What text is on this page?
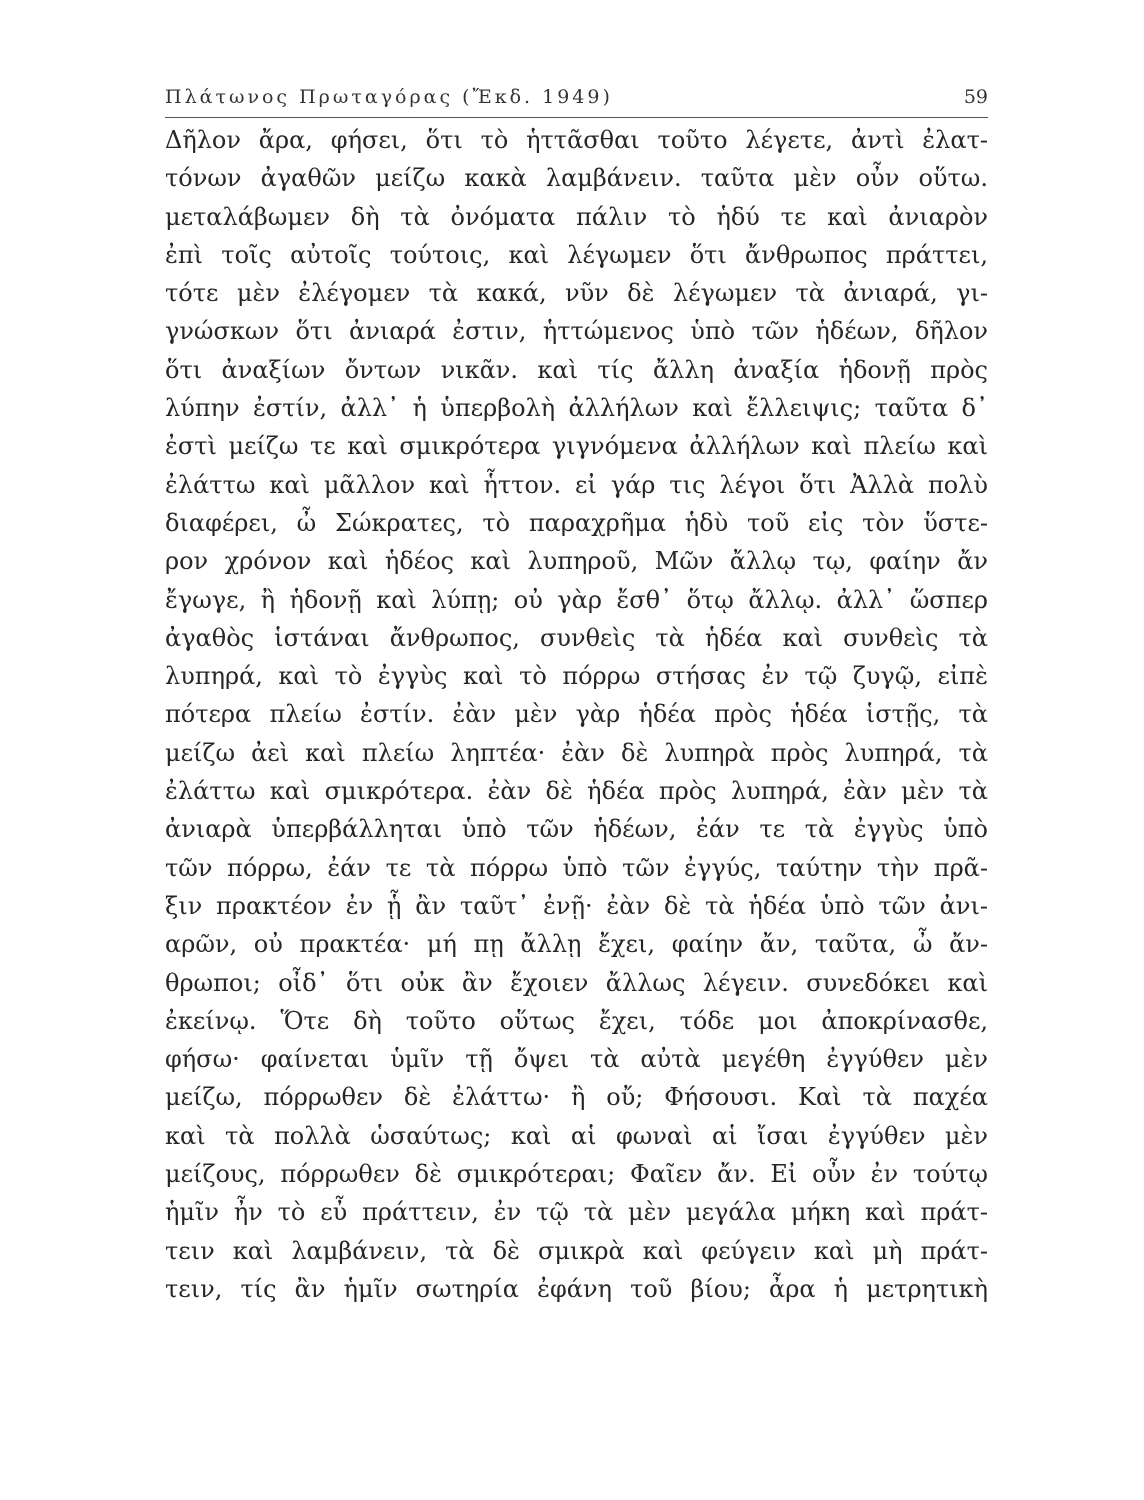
Πλάτωνος Πρωταγόρας (Ἔκδ. 1949)	59
Δῆλον ἄρα, φήσει, ὅτι τὸ ἡττᾶσθαι τοῦτο λέγετε, ἀντὶ ἐλατ-
τόνων ἀγαθῶν μείζω κακὰ λαμβάνειν. ταῦτα μὲν οὖν οὕτω.
μεταλάβωμεν δὴ τὰ ὀνόματα πάλιν τὸ ἡδύ τε καὶ ἀνιαρὸν
ἐπὶ τοῖς αὐτοῖς τούτοις, καὶ λέγωμεν ὅτι ἄνθρωπος πράττει,
τότε μὲν ἐλέγομεν τὰ κακά, νῦν δὲ λέγωμεν τὰ ἀνιαρά, γι-
γνώσκων ὅτι ἀνιαρά ἐστιν, ἡττώμενος ὑπὸ τῶν ἡδέων, δῆλον
ὅτι ἀναξίων ὄντων νικᾶν. καὶ τίς ἄλλη ἀναξία ἡδονῇ πρὸς
λύπην ἐστίν, ἀλλ᾽ ἡ ὑπερβολὴ ἀλλήλων καὶ ἔλλειψις; ταῦτα δ᾽
ἐστὶ μείζω τε καὶ σμικρότερα γιγνόμενα ἀλλήλων καὶ πλείω καὶ
ἐλάττω καὶ μᾶλλον καὶ ἧττον. εἰ γάρ τις λέγοι ὅτι Ἀλλὰ πολὺ
διαφέρει, ὦ Σώκρατες, τὸ παραχρῆμα ἡδὺ τοῦ εἰς τὸν ὕστε-
ρον χρόνον καὶ ἡδέος καὶ λυπηροῦ, Μῶν ἄλλῳ τῳ, φαίην ἄν
ἔγωγε, ἢ ἡδονῇ καὶ λύπῃ; οὐ γὰρ ἔσθ᾽ ὅτῳ ἄλλῳ. ἀλλ᾽ ὥσπερ
ἀγαθὸς ἱστάναι ἄνθρωπος, συνθεὶς τὰ ἡδέα καὶ συνθεὶς τὰ
λυπηρά, καὶ τὸ ἐγγὺς καὶ τὸ πόρρω στήσας ἐν τῷ ζυγῷ, εἰπὲ
πότερα πλείω ἐστίν. ἐὰν μὲν γὰρ ἡδέα πρὸς ἡδέα ἱστῇς, τὰ
μείζω ἀεὶ καὶ πλείω ληπτέα· ἐὰν δὲ λυπηρὰ πρὸς λυπηρά, τὰ
ἐλάττω καὶ σμικρότερα. ἐὰν δὲ ἡδέα πρὸς λυπηρά, ἐὰν μὲν τὰ
ἀνιαρὰ ὑπερβάλληται ὑπὸ τῶν ἡδέων, ἐάν τε τὰ ἐγγὺς ὑπὸ
τῶν πόρρω, ἐάν τε τὰ πόρρω ὑπὸ τῶν ἐγγύς, ταύτην τὴν πρᾶ-
ξιν πρακτέον ἐν ᾗ ἂν ταῦτ᾽ ἐνῇ· ἐὰν δὲ τὰ ἡδέα ὑπὸ τῶν ἀνι-
αρῶν, οὐ πρακτέα· μή πῃ ἄλλῃ ἔχει, φαίην ἄν, ταῦτα, ὦ ἄν-
θρωποι; οἶδ᾽ ὅτι οὐκ ἂν ἔχοιεν ἄλλως λέγειν. συνεδόκει καὶ
ἐκείνῳ. Ὅτε δὴ τοῦτο οὕτως ἔχει, τόδε μοι ἀποκρίνασθε,
φήσω· φαίνεται ὑμῖν τῇ ὄψει τὰ αὐτὰ μεγέθη ἐγγύθεν μὲν
μείζω, πόρρωθεν δὲ ἐλάττω· ἢ οὔ; Φήσουσι. Καὶ τὰ παχέα
καὶ τὰ πολλὰ ὡσαύτως; καὶ αἱ φωναὶ αἱ ἴσαι ἐγγύθεν μὲν
μείζους, πόρρωθεν δὲ σμικρότεραι; Φαῖεν ἄν. Εἰ οὖν ἐν τούτῳ
ἡμῖν ἦν τὸ εὖ πράττειν, ἐν τῷ τὰ μὲν μεγάλα μήκη καὶ πράτ-
τειν καὶ λαμβάνειν, τὰ δὲ σμικρὰ καὶ φεύγειν καὶ μὴ πράτ-
τειν, τίς ἂν ἡμῖν σωτηρία ἐφάνη τοῦ βίου; ἆρα ἡ μετρητικὴ
